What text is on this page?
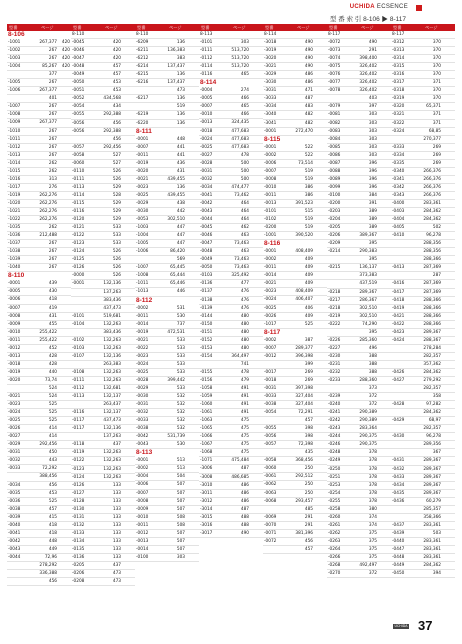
UCHIDA ECSENCE
型 番 索 引 8-106 ▶ 8-117
型番	ページ
8-106
-1001	267,377	420
-1002	267	420
-1003	267	420
-1004	85,267	420
377
-1005	267
-1006	267,377
401
-1007	267
-1008	267
-1009	267,377
-1010	267
-1011	267
-1012	267
-1013	267
-1014	262
-1015	262
-1016	313
-1017	276
-1019	262,276
-1020	262,276
-1021	262,276
-1022	262,276
-1035	262
-1036	212,488
-1037	267
-1038	267
-1039	267
-1040	267
8-110
-0001	439
-0005	430
-0006	418
-0007	419
-0008	431
-0009	455
-0010	255,422
-0011	255,422
-0012	452
-0013	428
-0018	428
-0019	440
-0020	73,74
524
-0021	524
-0023	525
-0024	525
-0025	525
-0026	414
-0027	414
-0029	292,456
-0031	450
-0032	443
-0033	72,292
388,456
-0034	456
-0035	453
-0036	525
-0038	457
-0039	415
-0040	418
-0041	418
-0042	448
-0043	449
-0044	72,96
278,292
336,388
456
型番	ページ
8-110
-0045	420
-0046	420
-0047	420
-0048	457
-0049	457
-0050	453
-0051	453
-0052	434,568
-0054	434
-0055	292,388
-0056	456
-0056	292,388
456
-0057	292,456
-0058	527
-0060	527
-0110	526
-0111	526
-0113	529
-0114	528
-0115	529
-0116	529
-0120	529
-0121	533
-0122	533
-0123	533
-0124	526
-0125	526
-0126	526
-0000	526
-0001	132,136
137,263
383,436
437,473
-0101	519,681
-0104	132,263
383,436
-0102	132,263
-0103	132,263
-0107	132,136
263,383
-0108	132,263
-0111	132,263
-0112	132,681
-0113	132,137
263,437
-0116	132,137
-0117	437,473
-0117	132,136
137,263
-0118	437
-0119	132,263
-0122	132,263
-0123	132,263
-0124	132,263
-0126	133
-0127	133
-0128	133
-0130	133
-0131	133
-0132	133
-0133	133
-0134	133
-0135	133
-0136	133
-0205	437
-0206	473
-0208	473
型番	ページ
8-110
-6209	136
-6211	136,383
-6212	383
-6214	137,437
-6215	136
-6216	137,437
473
-6217	136
519
-6219	136
-6220	136
8-111
-0001	448
-0007	441
-0011	441
-0019	436
-0020	431
-0021	439,455
-0023	136
-0025	439,455
-0029	438
-0030	442
-0053	302,510
-1003	447
-1004	447
-1005	447
-1006	86,420
569
-1007	65,445
-1008	65,444
-1011	65,446
-1013	446
8-112
-0002	531
-0011	530
-0014	737
-0019	472,531
-0021	533
-0022	533
-0023	533
-0024	533
-0025	533
-0028	399,442
-0029	533
-0030	532
-0031	532
-0032	532
-0033	532
-0038	532
-0042	531,739
-0043	530
8-113
-0001	513
-0002	513
-0004	504
-0006	507
-0007	507
-0008	507
-0009	507
-0010	508
-0011	508
-0012	507
-0013	507
-0014	507
-0100	303
型番	ページ
8-113
-0101	303
-0111	513,720
-0112	513,720
-0114	513,720
-0116	465
8-114
-0004	274
-0005	466
-0007	465
-0010	466
-0013	324,435
-0018	477,683
-0024	477,683
-0025	477,683
-0027	478
-0028	500
-0031	500
-0032	500
-0034	474,477
-0041	73,462
-0042	464
-0043	464
-0044	464
-0045	462
-0046	463
-0047	73,463
-0048	463
-0049	73,463
-0050	73,463
-0103	325,492
-0136	477
-0137	476
-0138	476
-0139	476
-0144	480
-0150	480
-0151	480
-0152	480
-0153	480
-0154	364,497
741
-0155	478
-0156	479
-1058	491
-1059	491
-1060	491
-1061	491
-1063	475
-1065	475
-1066	475
-1067	475
-1068	475
-1071	475,484
-3006	487
-3008	486,685
-3010	486
-3011	486
-3012	486
-3014	487
-3015	488
-3016	488
-3017	490
型番	ページ
8-114
-3018	490
-3019	490
-3020	490
-3021	490
-3029	486
-3030	486
-3031	471
-3033	487
-3034	483
-3040	482
-3041	482
-0001	272,470
8-115
-0001	522
-0002	522
-0006	73,514
-0007	519
-0008	519
-0010	386
-0011	386
-0013	391,523
-0101	515
-0102	519
-0200	519
-1001	390,520
8-116
-0001	408,409
-0002	409
-0011	409
-0014	409
-0021	409
-0023	408,409
-0024	406,407
-0025	406
-0026	409
-1017	525
8-117
-0002	387
-0007	289,377
-0012	396,398
399
-0017	269
-0018	269
-0031	397,398
-0033	327,404
-0038	327,404
-0054	72,291
457
-0055	398
-0056	398
-0057	72,398
435
-0058	368,456
-0060	250
-0061	292,512
-0062	250
-0063	250
-0068	293,457
485
-0069	291
-0070	291
-0071	381,396
-0072	456
457
型番	ページ
8-117
-0072	490
-0073	291
-0074	398,400
-0075	326,402
-0076	326,402
-0077	326,402
-0078	326,402
403
-0079	397
-0081	303
-0082	303
-0083	303
-0084	303
-0085	303
-0086	303
-0087	396
-0088	396
-0089	396
-0099	396
-0100	384
-0200	391
-0203	389
-0204	389
-0205	389
-0206	389,367
-0209	395
-0214	290,383
395
-0215	136,137
373,383
437,519
-0218	289,367
-0217	286,367
-0218	302,510
-0219	302,510
-0222	74,290
395
-0226	285,360
-0227	496
-0230	388
-0231	388
-0232	388
-0233	288,360
373
-0239	372
-0240	372
-0241	290,389
-0242	290,389
-0243	283,364
-0244	290,375
-0246	290,375
-0248	378
-0249	378
-0250	378
-0251	378
-0253	378
-0254	378
-0255	378
-0258	380
-0260	374
-0261	374
-0262	375
-0263	375
-0264	375
-0266	375
-0268	492,497
-0270	372
型番	ページ
8-117
-0312	370
-0313	370
-0314	370
-0315	370
-0316	370
-0317	371
-0318	370
-0319	370
-0320	65,371
-0321	371
-0322	371
-0324	68,85
270,377
-0333	269
-0334	269
-0335	269
-0340	266,376
-0341	266,376
-0342	266,376
-0343	266,376
-0400	283,361
-0403	284,362
-0404	284,362
-0405	502
-0410	96,278
288,356
288,356
288,366
-0413	287,369
287
-0416	287,369
-0417	287,369
-0418	288,366
-0419	288,366
-0421	288,366
-0422	288,366
-0423	289,367
-0424	288,367
278,284
282,357
357,362
-0426	284,362
-0427	279,292
282,357
358
-0428	97,282
284,362
-0429	68,97
282,357
-0430	96,278
289,356
367
-0431	289,367
-0432	289,367
-0433	289,367
-0434	289,367
-0435	289,367
-0436	60,279
285,357
358,366
-0437	283,361
-0439	503
-0440	283,361
-0447	283,361
-0448	283,361
-0449	284,362
-0450	394
UCHIDA 37
